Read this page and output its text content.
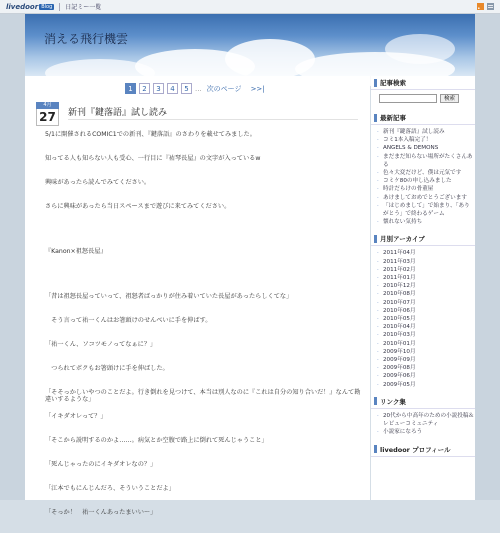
livedoor Blog	日記ミー一覧
消える飛行機雲
1	2	3	4	5 ... 次のページ >>|
4月
27	新刊『鍵落語』試し読み

5/1に開催されるCOMIC1での新刊、『鍵落語』のさわりを載せてみました。

知ってる人も知らない人も受心、一行目に『祐琴長屋』の文字が入っているw

興味があったら読んでみてください。

さらに興味があったら当日スペースまで遊びに来てみてください。

『Kanon×祖怒長屋』

「昔は祖怒長屋っていって、祖怒者ばっかりが住み着いていた長屋があったらしくてな」

　そう言って祐一くんはお箸頭けのせんべいに手を伸ばす。

「祐一くん、ソコツモノってなぁに？」

　つられてボクもお箸頭けに手を伸ばした。

「そそっかしいやつのことだよ。行き倒れを見つけて、本当は別人なのに『これは自分の知り合いだ！』なんて勘違いするような」

「イキダオレって？」

「そこから説明するのかよ……。病気とか空腹で路上に倒れて死んじゃうこと」

「死んじゃったのにイキダオレなの？」

「江本でもにんじんだろ、そういうことだよ」

「そっか！　祐一くんあったまいい～」

記事検索
検索
最新記事
· 新刊『鍵落語』試し読み
· コミ1本入稿完了！
· ANGELS & DEMONS
· まだまだ知らない場所がたくさんある
· 色々大変だけど、僕は元気です
· コミケ80の申し込みました
· 時計だらけの骨董屋
· あけましておめでとうございます
· 「はじめまして」で始まり、「ありがとう」で終わるゲーム
· 懐れない気持ち
月別アーカイブ
· 2011年04月
· 2011年03月
· 2011年02月
· 2011年01月
· 2010年12月
· 2010年08月
· 2010年07月
· 2010年06月
· 2010年05月
· 2010年04月
· 2010年03月
· 2010年01月
· 2009年10月
· 2009年09月
· 2009年08月
· 2009年06月
· 2009年05月
リンク集
· 20代から中高年のための小説投稿＆レビューコミュニティ
· 小説家になろう
livedoor プロフィール
